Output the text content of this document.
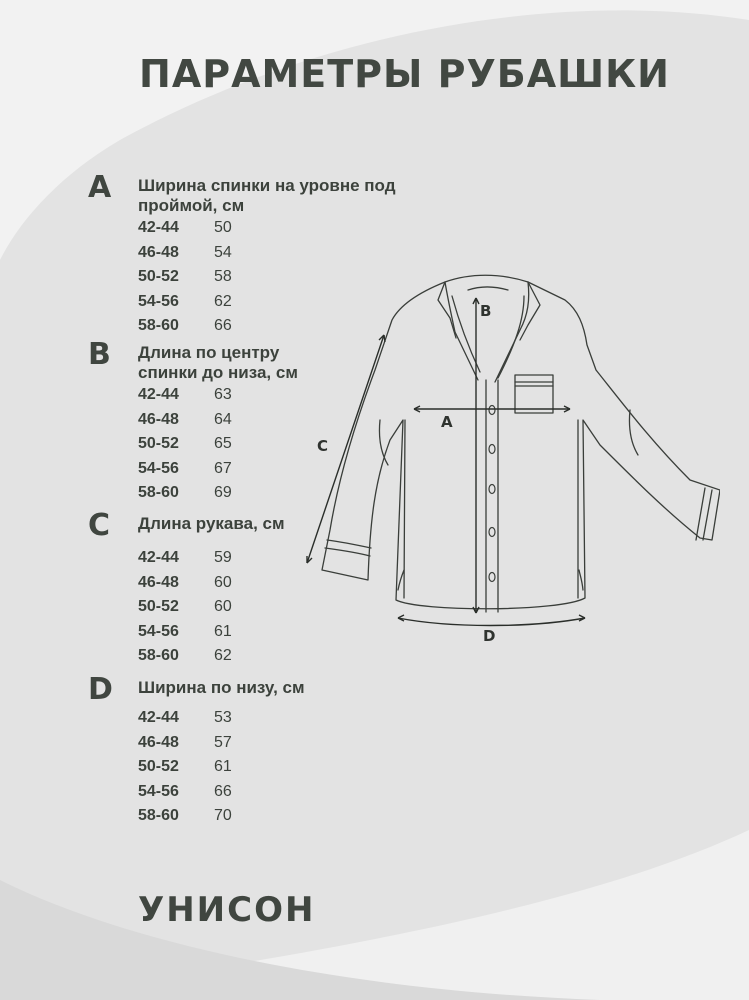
ПАРАМЕТРЫ РУБАШКИ
A Ширина спинки на уровне под проймой, см
42-44 50
46-48 54
50-52 58
54-56 62
58-60 66
B Длина по центру спинки до низа, см
42-44 63
46-48 64
50-52 65
54-56 67
58-60 69
C Длина рукава, см
42-44 59
46-48 60
50-52 60
54-56 61
58-60 62
D Ширина по низу, см
42-44 53
46-48 57
50-52 61
54-56 66
58-60 70
A
B
C
D
УНИСОН
